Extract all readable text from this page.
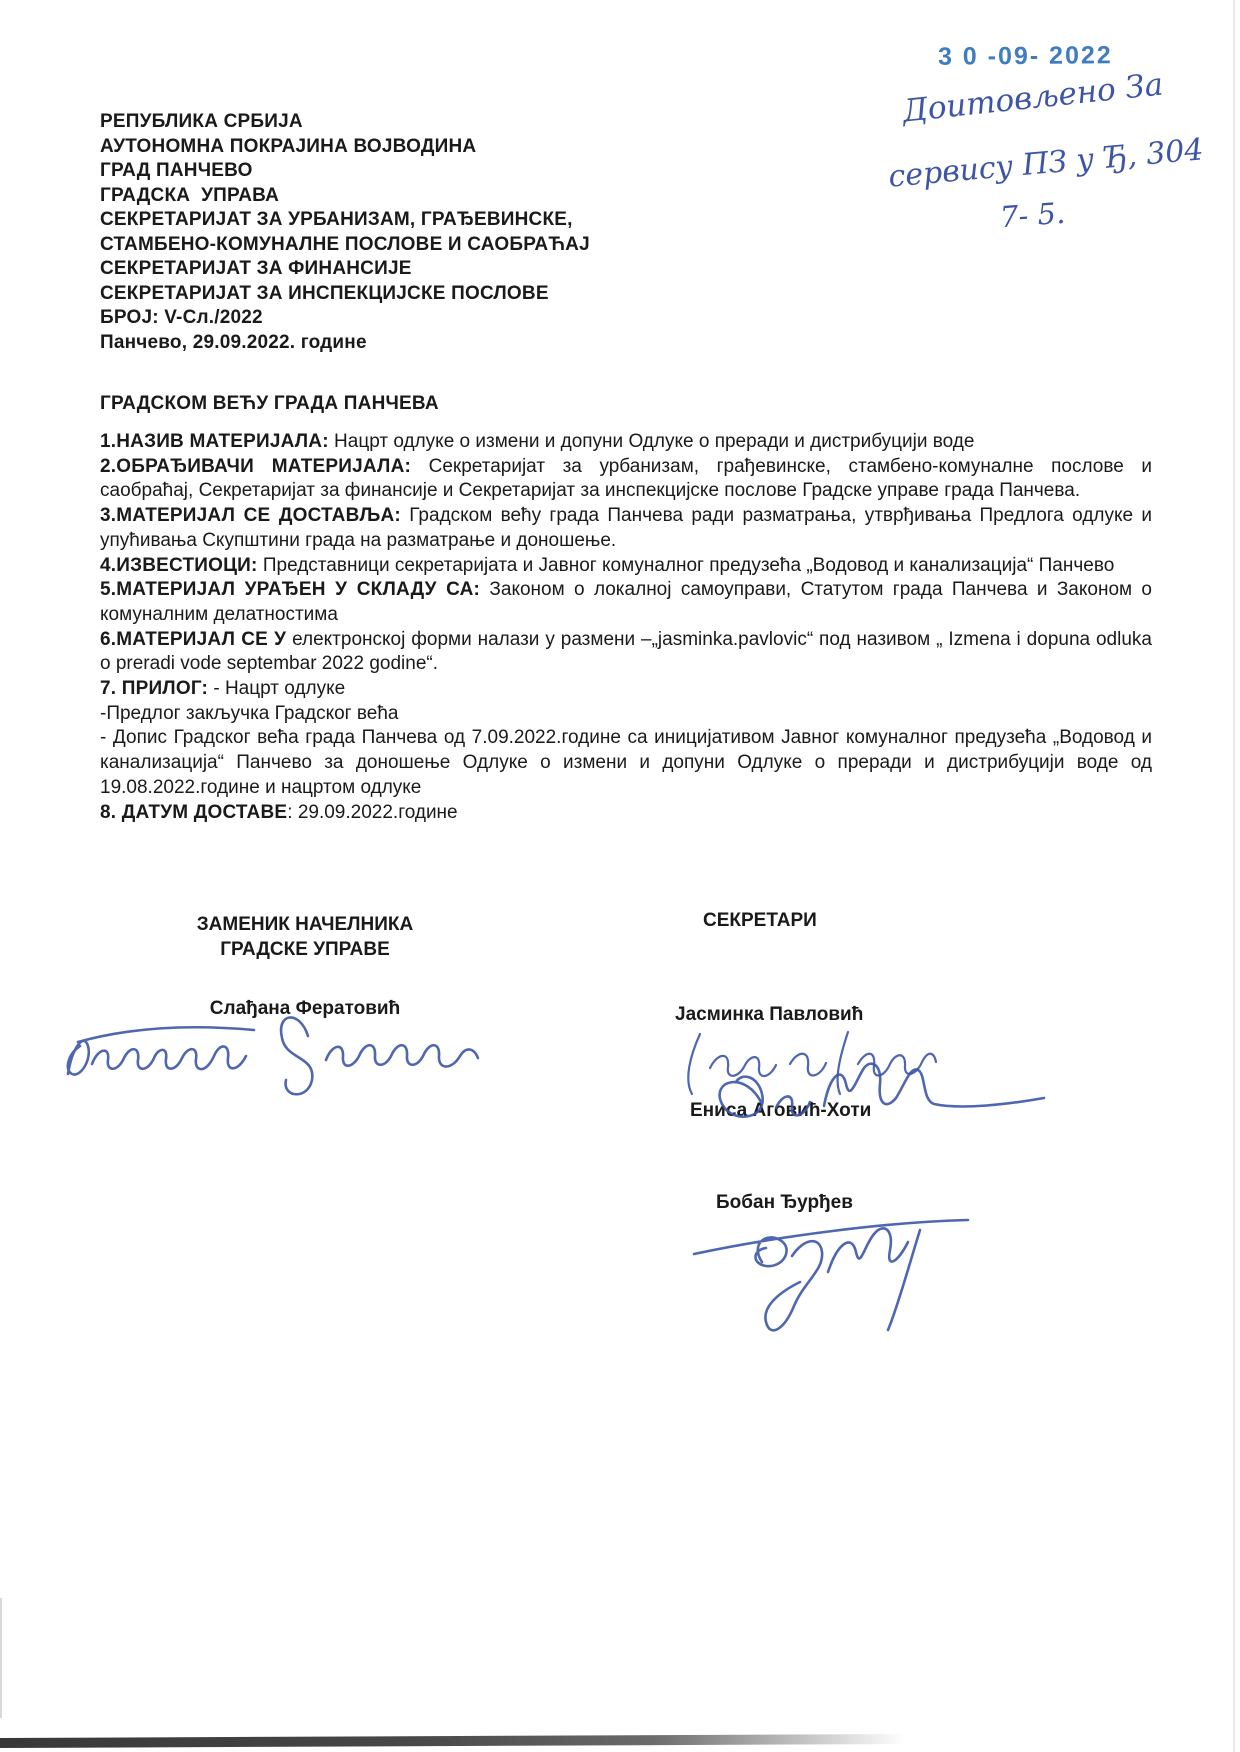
3 0 -09- 2022
Доитовљено За
сервису ПЗ у Ђ, 304
7- 5.
РЕПУБЛИКА СРБИЈА
АУТОНОМНА ПОКРАЈИНА ВОЈВОДИНА
ГРАД ПАНЧЕВО
ГРАДСКА  УПРАВА
СЕКРЕТАРИЈАТ ЗА УРБАНИЗАМ, ГРАЂЕВИНСКЕ,
СТАМБЕНО-КОМУНАЛНЕ ПОСЛОВЕ И САОБРАЋАЈ
СЕКРЕТАРИЈАТ ЗА ФИНАНСИЈЕ
СЕКРЕТАРИЈАТ ЗА ИНСПЕКЦИЈСКЕ ПОСЛОВЕ
БРОЈ: V-Сл./2022
Панчево, 29.09.2022. године
ГРАДСКОМ ВЕЋУ ГРАДА ПАНЧЕВА

1.НАЗИВ МАТЕРИЈАЛА: Нацрт одлуке о измени и допуни Одлуке о преради и дистрибуцији воде

2.ОБРАЂИВАЧИ МАТЕРИЈАЛА: Секретаријат за урбанизам, грађевинске, стамбено-комуналне послове и саобраћај, Секретаријат за финансије и Секретаријат за инспекцијске послове Градске управе града Панчева.

3.МАТЕРИЈАЛ СЕ ДОСТАВЉА: Градском већу града Панчева ради разматрања, утврђивања Предлога одлуке и упућивања Скупштини града на разматрање и доношење.

4.ИЗВЕСТИОЦИ: Представници секретаријата и Јавног комуналног предузећа „Водовод и канализација“ Панчево

5.МАТЕРИЈАЛ УРАЂЕН У СКЛАДУ СА: Законом о локалној самоуправи, Статутом града Панчева и Законом о комуналним делатностима

6.МАТЕРИЈАЛ СЕ У електронској форми налази у размени –„jasminka.pavlovic“ под називом „ Izmena i dopuna odluka o preradi vode septembar 2022 godine“.

7. ПРИЛОГ: - Нацрт одлуке

-Предлог закључка Градског већа

- Допис Градског већа града Панчева од 7.09.2022.године са иницијативом Јавног комуналног предузећа „Водовод и канализација“ Панчево за доношење Одлуке о измени и допуни Одлуке о преради и дистрибуцији воде од 19.08.2022.године и нацртом одлуке

8. ДАТУМ ДОСТАВЕ: 29.09.2022.године

ЗАМЕНИК НАЧЕЛНИКА
ГРАДСКЕ УПРАВЕ
Слађана Фератовић
СЕКРЕТАРИ
Јасминка Павловић
Ениса Аговић-Хоти
Бобан Ђурђев
